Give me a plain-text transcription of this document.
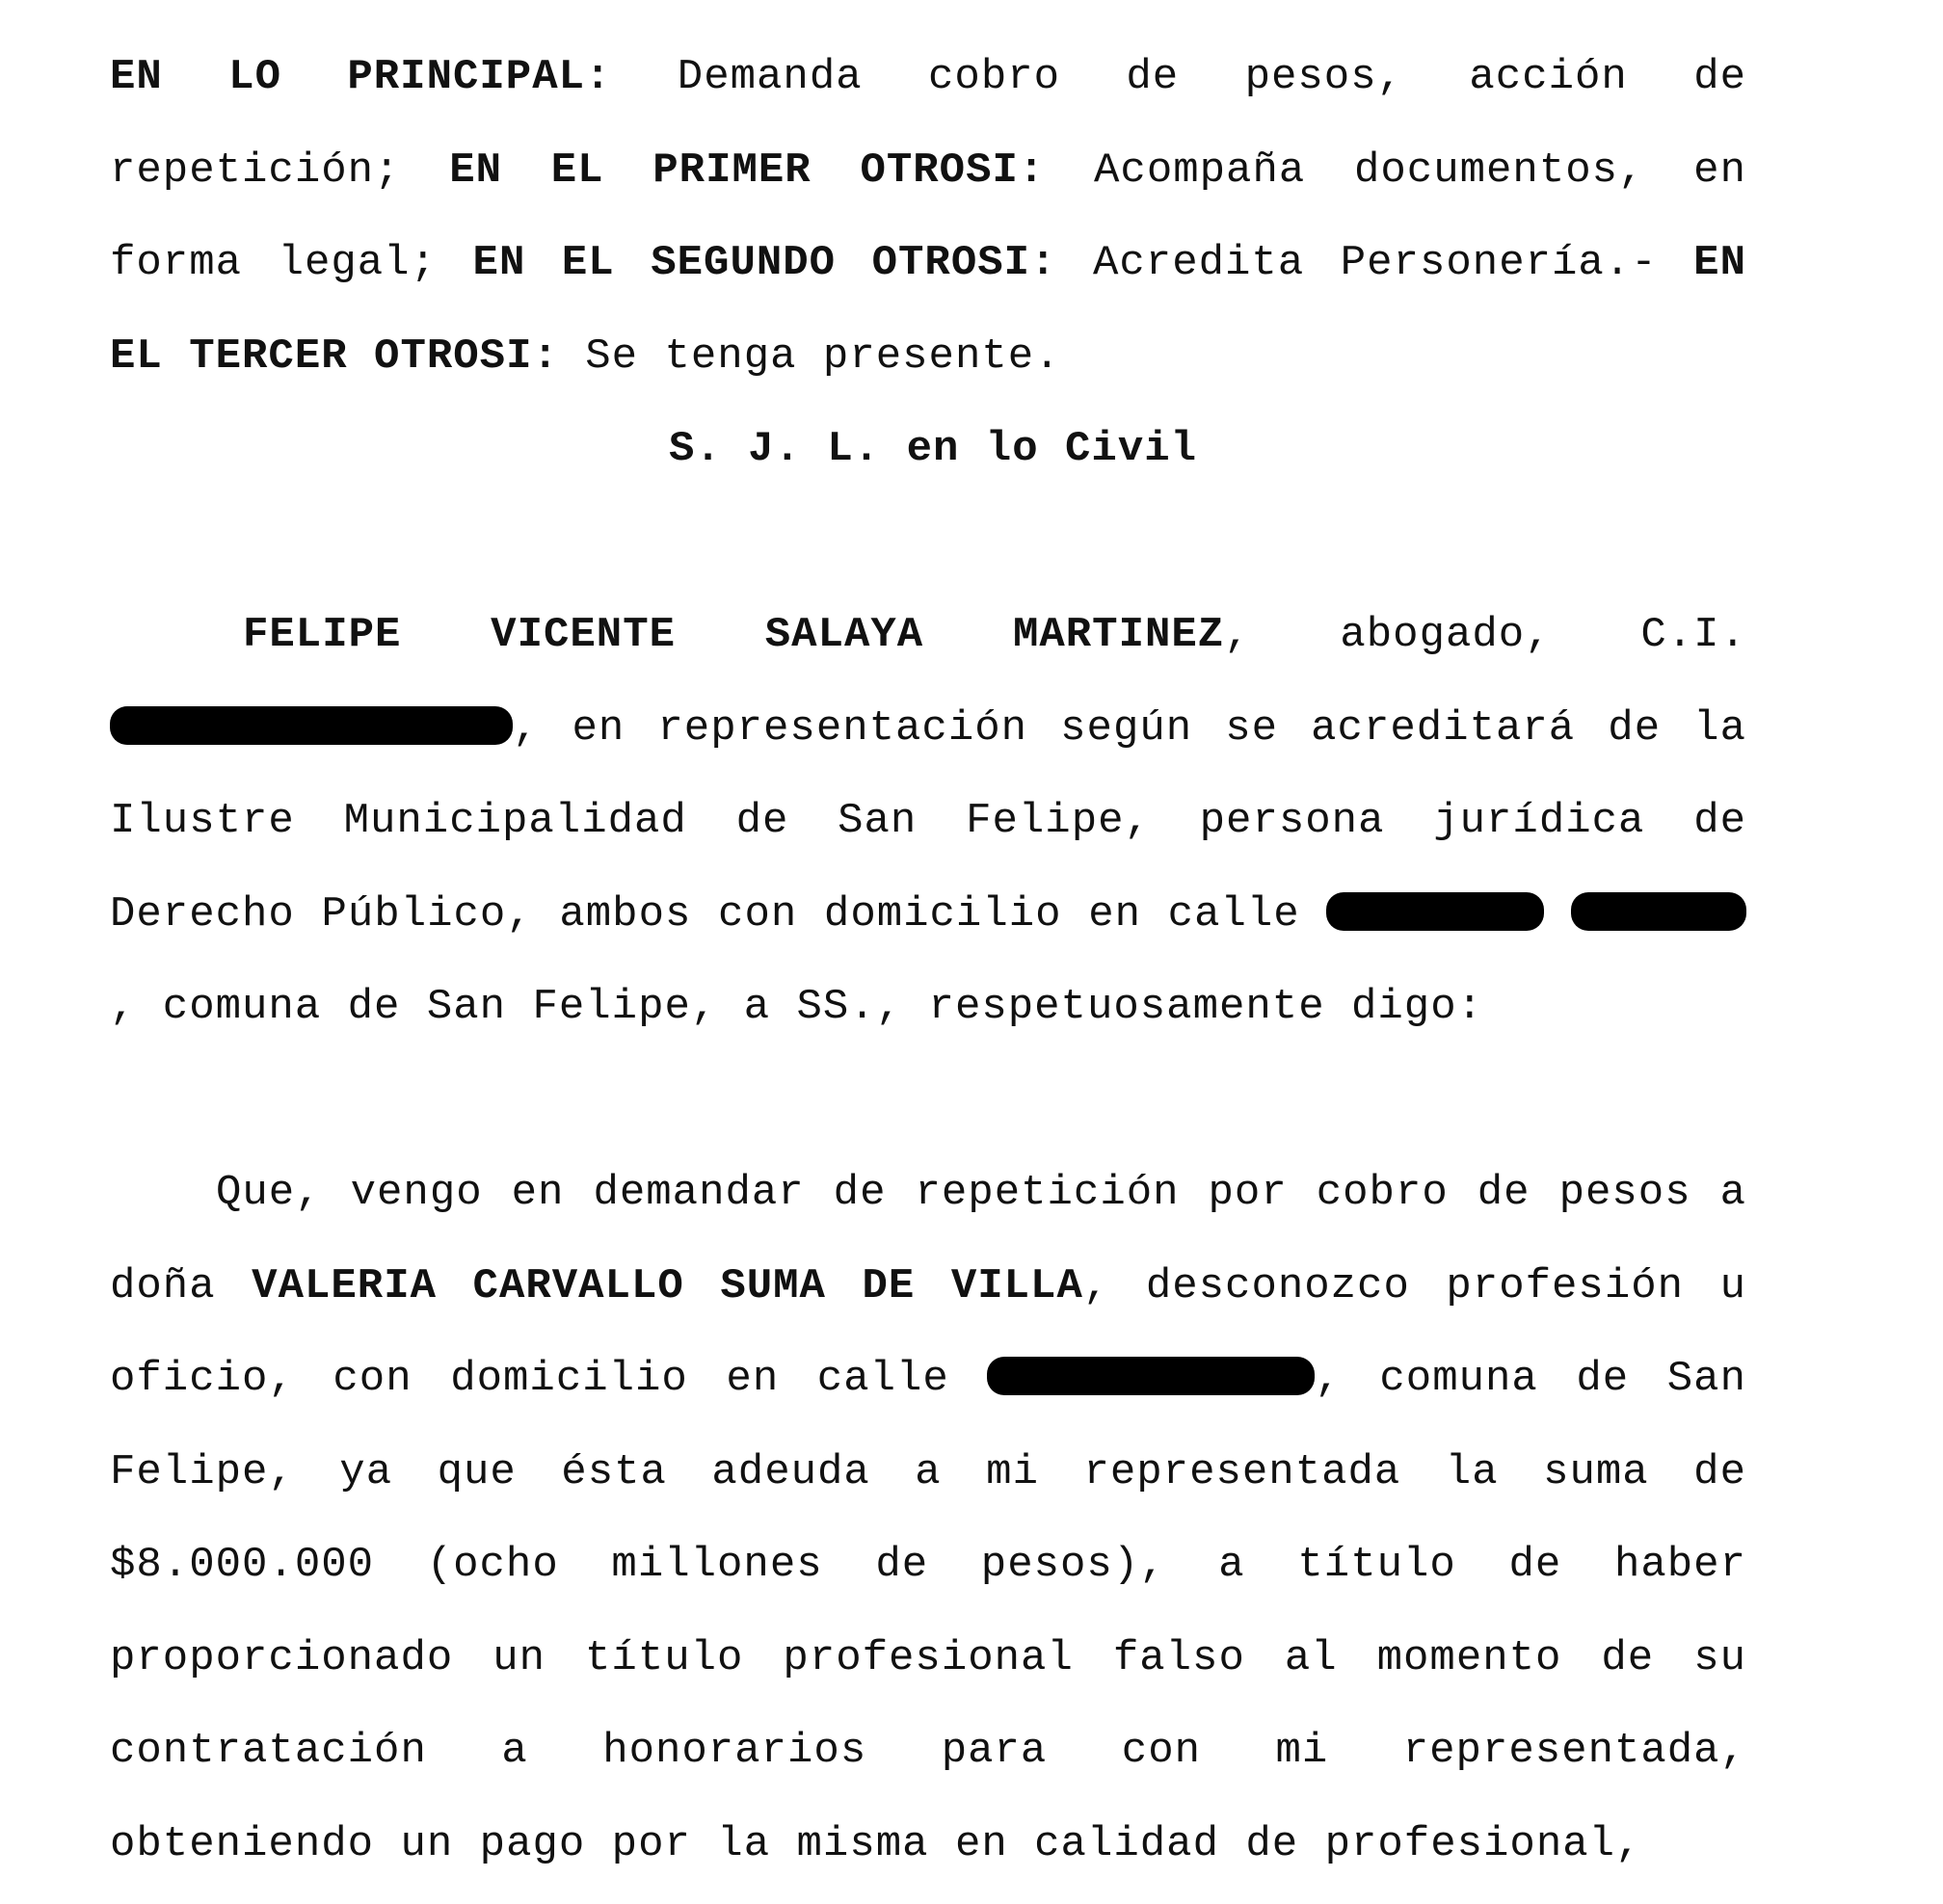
EN LO PRINCIPAL: Demanda cobro de pesos, acción de repetición; EN EL PRIMER OTROSI: Acompaña documentos, en forma legal; EN EL SEGUNDO OTROSI: Acredita Personería.- EN EL TERCER OTROSI: Se tenga presente.

S. J. L. en lo Civil

FELIPE VICENTE SALAYA MARTINEZ, abogado, C.I. , en representación según se acreditará de la Ilustre Municipalidad de San Felipe, persona jurídica de Derecho Público, ambos con domicilio en calle  , comuna de San Felipe, a SS., respetuosamente digo:

Que, vengo en demandar de repetición por cobro de pesos a doña VALERIA CARVALLO SUMA DE VILLA, desconozco profesión u oficio, con domicilio en calle	, comuna de San Felipe, ya que ésta adeuda a mi representada la suma de $8.000.000 (ocho millones de pesos), a título de haber proporcionado un título profesional falso al momento de su contratación a honorarios para con mi representada, obteniendo un pago por la misma en calidad de profesional,
